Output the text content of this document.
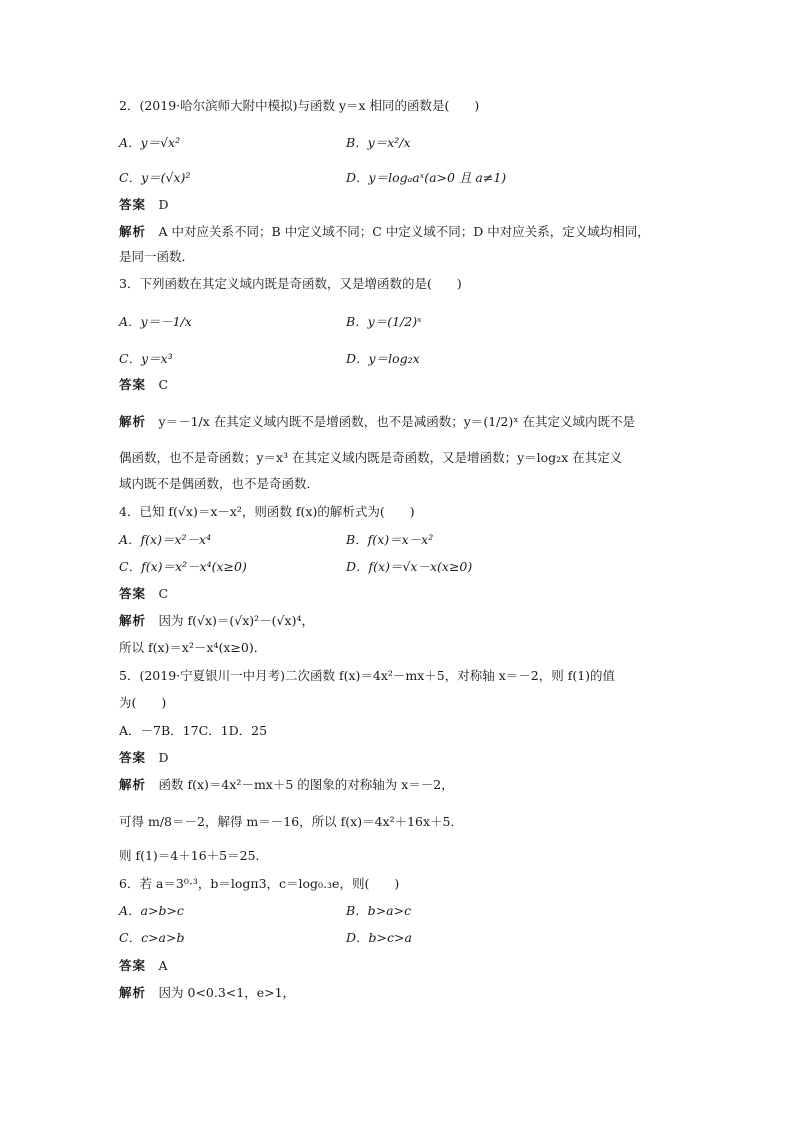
2．(2019·哈尔滨师大附中模拟)与函数 y＝x 相同的函数是(　　)
A．y＝√x²	B．y＝x²/x
C．y＝(√x)²	D．y＝logₐaˣ(a>0 且 a≠1)
答案　 D
解析　 A 中对应关系不同；B 中定义域不同；C 中定义域不同；D 中对应关系，定义域均相同，
是同一函数．
3．下列函数在其定义域内既是奇函数，又是增函数的是(　　)
A．y＝－1/x	B．y＝(1/2)ˣ
C．y＝x³	D．y＝log₂x
答案　 C
解析　 y＝－1/x 在其定义域内既不是增函数，也不是减函数；y＝(1/2)ˣ 在其定义域内既不是
偶函数，也不是奇函数；y＝x³ 在其定义域内既是奇函数，又是增函数；y＝log₂x 在其定义
域内既不是偶函数，也不是奇函数．
4．已知 f(√x)＝x－x²，则函数 f(x)的解析式为(　　)
A．f(x)＝x²－x⁴	B．f(x)＝x－x²
C．f(x)＝x²－x⁴(x≥0)	D．f(x)＝√x－x(x≥0)
答案　 C
解析　 因为 f(√x)＝(√x)²－(√x)⁴，
所以 f(x)＝x²－x⁴(x≥0)．
5．(2019·宁夏银川一中月考)二次函数 f(x)＝4x²－mx＋5，对称轴 x＝－2，则 f(1)的值
为(　　)
A．－7B．17C．1D．25
答案　 D
解析　 函数 f(x)＝4x²－mx＋5 的图象的对称轴为 x＝－2，
可得 m/8＝－2，解得 m＝－16，所以 f(x)＝4x²＋16x＋5．
则 f(1)＝4＋16＋5＝25．
6．若 a＝3⁰·³，b＝logπ3，c＝log₀.₃e，则(　　)
A．a>b>c	B．b>a>c
C．c>a>b	D．b>c>a
答案　 A
解析　 因为 0<0.3<1，e>1，
